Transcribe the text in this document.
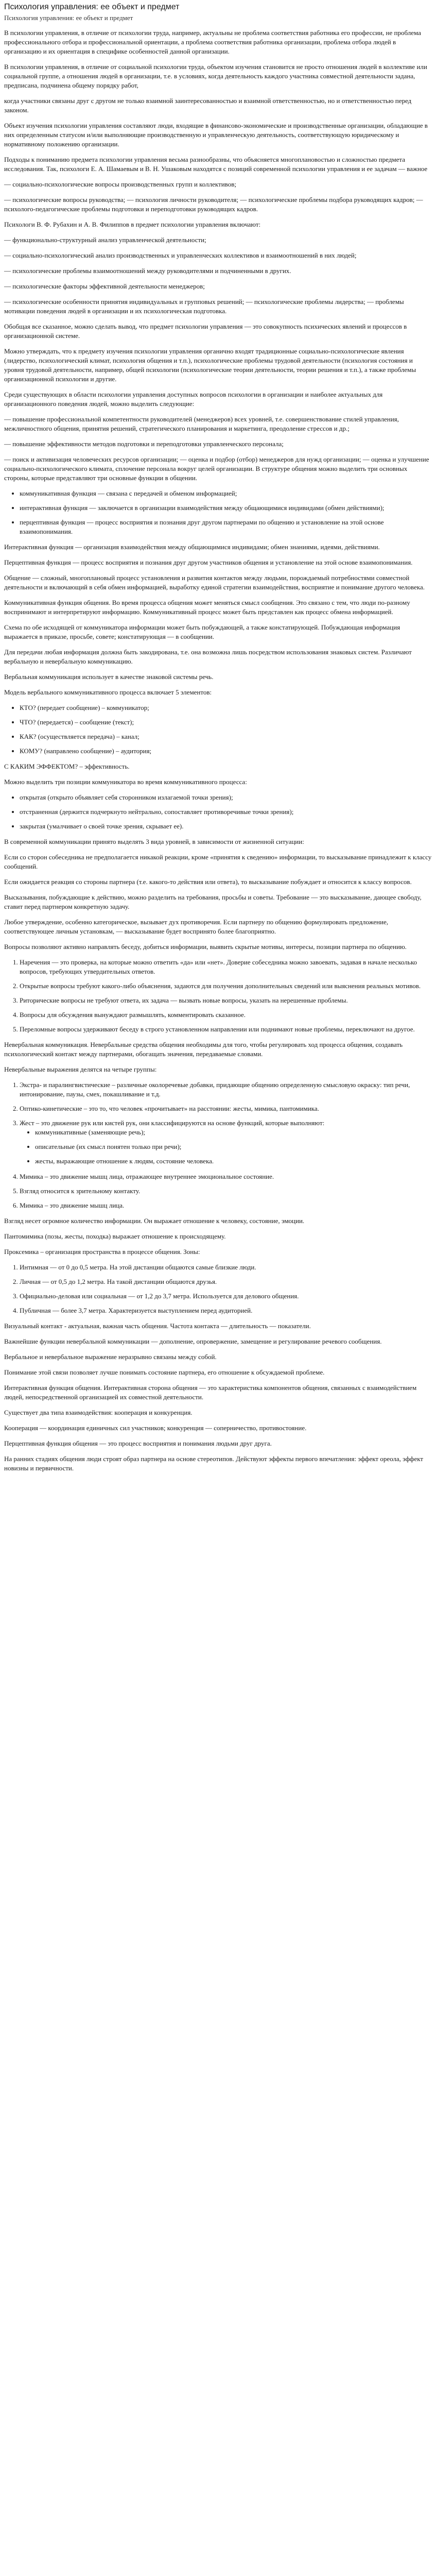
Психология управления: ее объект и предмет
Психология управления: ее объект и предмет

В психологии управления, в отличие от психологии труда, например, актуальны не проблема соответствия работника его профессии, не проблема профессионального отбора и профессиональной ориентации, а проблема соответствия работника организации, проблема отбора людей в организацию и их ориентация в специфике особенностей данной организации.

В психологии управления, в отличие от социальной психологии труда, объектом изучения становится не просто отношения людей в коллективе или социальной группе, а отношения людей в организации, т.е. в условиях, когда деятельность каждого участника совместной деятельности задана, предписана, подчинена общему порядку работ,

когда участники связаны друг с другом не только взаимной заинтересованностью и взаимной ответственностью, но и ответственностью перед законом.

Объект изучения психологии управления составляют люди, входящие в финансово-экономические и производственные организации, обладающие в них определенным статусом и/или выполняющие производственную и управленческую деятельность, соответствующую юридическому и нормативному положению организации.

Подходы к пониманию предмета психологии управления весьма разнообразны, что объясняется многоплановостью и сложностью предмета исследования. Так, психологи Е. А. Шамаевым и В. Н. Ушаковым находятся с позиций современной психологии управления и ее задачам — важное

— социально-психологические вопросы производственных групп и коллективов;

— психологические вопросы руководства; — психология личности руководителя; — психологические проблемы подбора руководящих кадров; — психолого-педагогические проблемы подготовки и переподготовки руководящих кадров.

Психологи В. Ф. Рубахин и А. В. Филиппов в предмет психологии управления включают:

— функционально-структурный анализ управленческой деятельности;

— социально-психологический анализ производственных и управленческих коллективов и взаимоотношений в них людей;

— психологические проблемы взаимоотношений между руководителями и подчиненными в других.

— психологические факторы эффективной деятельности менеджеров;

— психологические особенности принятия индивидуальных и групповых решений; — психологические проблемы лидерства; — проблемы мотивации поведения людей в организации и их психологическая подготовка.

Обобщая все сказанное, можно сделать вывод, что предмет психологии управления — это совокупность психических явлений и процессов в организационной системе.

Можно утверждать, что к предмету изучения психологии управления органично входят традиционные социально-психологические явления (лидерство, психологический климат, психология общения и т.п.), психологические проблемы трудовой деятельности (психология состояния и уровня трудовой деятельности, например, общей психологии (психологические теории деятельности, теории решения и т.п.), а также проблемы организационной психологии и другие.

Среди существующих в области психологии управления доступных вопросов психологии в организации и наиболее актуальных для организационного поведения людей, можно выделить следующие:

— повышение профессиональной компетентности руководителей (менеджеров) всех уровней, т.е. совершенствование стилей управления, межличностного общения, принятия решений, стратегического планирования и маркетинга, преодоление стрессов и др.;

— повышение эффективности методов подготовки и переподготовки управленческого персонала;

— поиск и активизация человеческих ресурсов организации; — оценка и подбор (отбор) менеджеров для нужд организации; — оценка и улучшение социально-психологического климата, сплочение персонала вокруг целей организации. В структуре общения можно выделить три основных стороны, которые представляют три основные функции в общении.

• коммуникативная функция — связана с передачей и обменом информацией;
• интерактивная функция — заключается в организации взаимодействия между общающимися индивидами (обмен действиями);
• перцептивная функция — процесс восприятия и познания друг другом партнерами по общению и установление на этой основе взаимопонимания.

Интерактивная функция — организация взаимодействия между общающимися индивидами; обмен знаниями, идеями, действиями.

Перцептивная функция — процесс восприятия и познания друг другом участников общения и установление на этой основе взаимопонимания.

Общение — сложный, многоплановый процесс установления и развития контактов между людьми, порождаемый потребностями совместной деятельности и включающий в себя обмен информацией, выработку единой стратегии взаимодействия, восприятие и понимание другого человека.

Коммуникативная функция общения. Во время процесса общения может меняться смысл сообщения. Это связано с тем, что люди по-разному воспринимают и интерпретируют информацию. Коммуникативный процесс может быть представлен как процесс обмена информацией.

Схема по обе исходящей от коммуникатора информации может быть побуждающей, а также констатирующей. Побуждающая информация выражается в приказе, просьбе, совете; констатирующая — в сообщении.

Для передачи любая информация должна быть закодирована, т.е. она возможна лишь посредством использования знаковых систем. Различают вербальную и невербальную коммуникацию.

Вербальная коммуникация использует в качестве знаковой системы речь.

Модель вербального коммуникативного процесса включает 5 элементов:

• КТО? (передает сообщение) – коммуникатор;
• ЧТО? (передается) – сообщение (текст);
• КАК? (осуществляется передача) – канал;
• КОМУ? (направлено сообщение) – аудитория;

С КАКИМ ЭФФЕКТОМ? – эффективность.

Можно выделить три позиции коммуникатора во время коммуникативного процесса:

• открытая (открыто объявляет себя сторонником излагаемой точки зрения);
• отстраненная (держится подчеркнуто нейтрально, сопоставляет противоречивые точки зрения);
• закрытая (умалчивает о своей точке зрения, скрывает ее).

В современной коммуникации принято выделять 3 вида уровней, в зависимости от жизненной ситуации:

Если со сторон собеседника не предполагается никакой реакции, кроме «принятия к сведению» информации, то высказывание принадлежит к классу сообщений.

Если ожидается реакция со стороны партнера (т.е. какого-то действия или ответа), то высказывание побуждает и относится к классу вопросов.

Высказывания, побуждающие к действию, можно разделить на требования, просьбы и советы. Требование — это высказывание, дающее свободу, ставит перед партнером конкретную задачу.

Любое утверждение, особенно категорическое, вызывает дух противоречия. Если партнеру по общению формулировать предложение, соответствующее личным установкам, — высказывание будет воспринято более благоприятно.

Вопросы позволяют активно направлять беседу, добиться информации, выявить скрытые мотивы, интересы, позиции партнера по общению.

1. Наречения — это проверка, на которые можно ответить «да» или «нет». Доверие собеседника можно завоевать, задавая в начале несколько вопросов, требующих утвердительных ответов.
2. Открытые вопросы требуют какого-либо объяснения, задаются для получения дополнительных сведений или выяснения реальных мотивов.
3. Риторические вопросы не требуют ответа, их задача — вызвать новые вопросы, указать на нерешенные проблемы.
4. Вопросы для обсуждения вынуждают размышлять, комментировать сказанное.
5. Переломные вопросы удерживают беседу в строго установленном направлении или поднимают новые проблемы, переключают на другое.

Невербальная коммуникация. Невербальные средства общения необходимы для того, чтобы регулировать ход процесса общения, создавать психологический контакт между партнерами, обогащать значения, передаваемые словами.

Невербальные выражения делятся на четыре группы:

1. Экстра- и паралингвистические – различные околоречевые добавки, придающие общению определенную смысловую окраску: тип речи, интонирование, паузы, смех, покашливание и т.д.
2. Оптико-кинетические – это то, что человек «прочитывает» на расстоянии: жесты, мимика, пантомимика.
3. Жест – это движение рук или кистей рук, они классифицируются на основе функций, которые выполняют:
• коммуникативные (заменяющие речь);
• описательные (их смысл понятен только при речи);
• жесты, выражающие отношение к людям, состояние человека.
4. Мимика – это движение мышц лица, отражающее внутреннее эмоциональное состояние.
5. Взгляд относится к зрительному контакту.
6. Мимика – это движение мышц лица.

Взгляд несет огромное количество информации. Он выражает отношение к человеку, состояние, эмоции.

Пантомимика (позы, жесты, походка) выражает отношение к происходящему.

Проксемика – организация пространства в процессе общения. Зоны:

1. Интимная — от 0 до 0,5 метра. На этой дистанции общаются самые близкие люди.
2. Личная — от 0,5 до 1,2 метра. На такой дистанции общаются друзья.
3. Официально-деловая или социальная — от 1,2 до 3,7 метра. Используется для делового общения.
4. Публичная — более 3,7 метра. Характеризуется выступлением перед аудиторией.

Визуальный контакт - актуальная, важная часть общения. Частота контакта — длительность — показатели.

Важнейшие функции невербальной коммуникации — дополнение, опровержение, замещение и регулирование речевого сообщения.

Вербальное и невербальное выражение неразрывно связаны между собой.

Понимание этой связи позволяет лучше понимать состояние партнера, его отношение к обсуждаемой проблеме.

Интерактивная функция общения. Интерактивная сторона общения — это характеристика компонентов общения, связанных с взаимодействием людей, непосредственной организацией их совместной деятельности.

Существует два типа взаимодействия: кооперация и конкуренция.

Кооперация — координация единичных сил участников; конкуренция — соперничество, противостояние.

Перцептивная функция общения — это процесс восприятия и понимания людьми друг друга.

На ранних стадиях общения люди строят образ партнера на основе стереотипов. Действуют эффекты первого впечатления: эффект ореола, эффект новизны и первичности.
